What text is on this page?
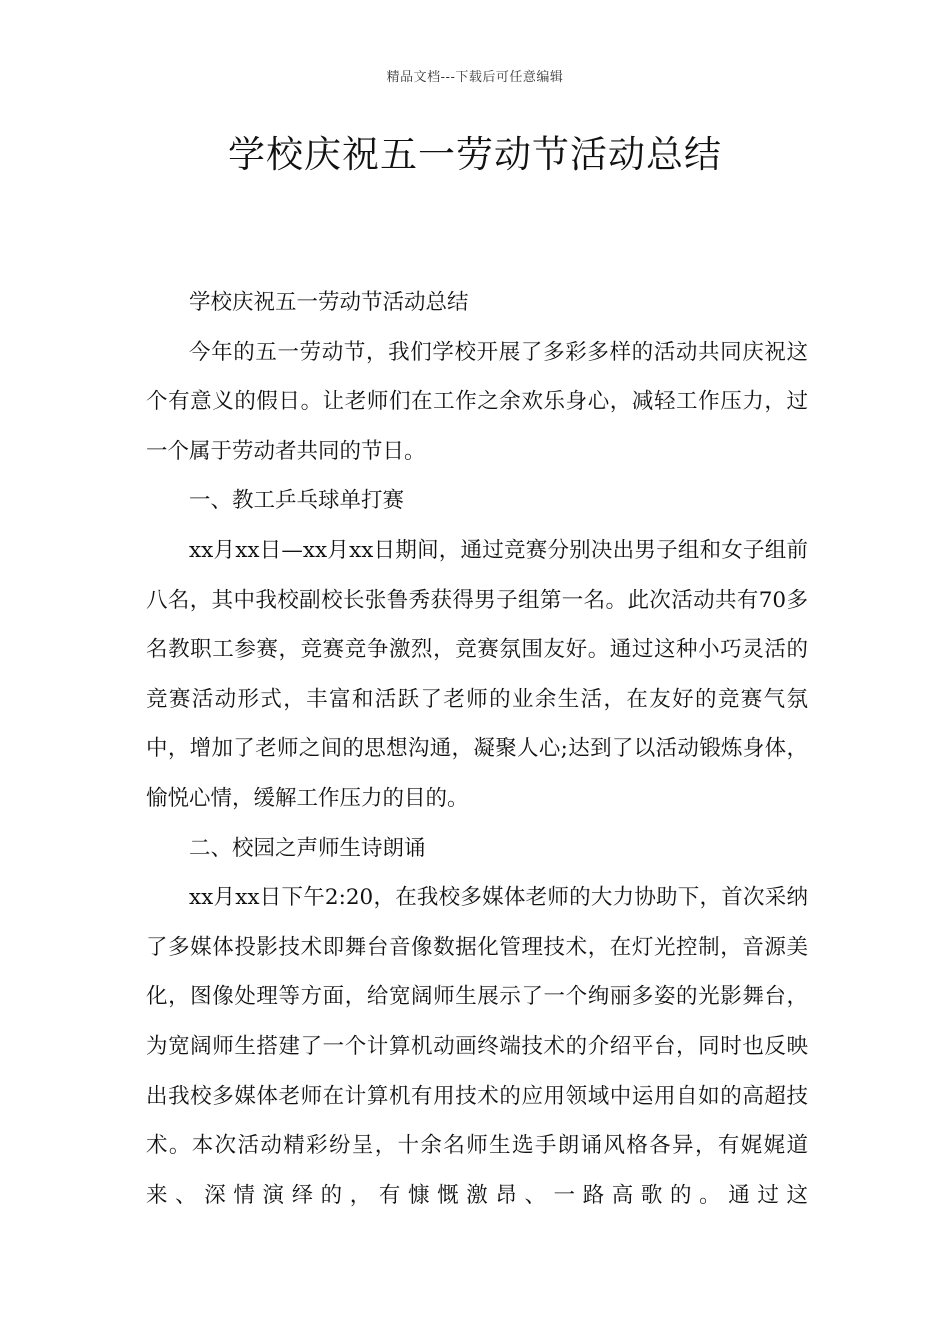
精品文档---下载后可任意编辑
学校庆祝五一劳动节活动总结

学校庆祝五一劳动节活动总结

今年的五一劳动节，我们学校开展了多彩多样的活动共同庆祝这个有意义的假日。让老师们在工作之余欢乐身心，减轻工作压力，过一个属于劳动者共同的节日。

一、教工乒乓球单打赛

xx月xx日—xx月xx日期间，通过竞赛分别决出男子组和女子组前八名，其中我校副校长张鲁秀获得男子组第一名。此次活动共有70多名教职工参赛，竞赛竞争激烈，竞赛氛围友好。通过这种小巧灵活的竞赛活动形式，丰富和活跃了老师的业余生活，在友好的竞赛气氛中，增加了老师之间的思想沟通，凝聚人心;达到了以活动锻炼身体，愉悦心情，缓解工作压力的目的。

二、校园之声师生诗朗诵

xx月xx日下午2:20，在我校多媒体老师的大力协助下，首次采纳了多媒体投影技术即舞台音像数据化管理技术，在灯光控制，音源美化，图像处理等方面，给宽阔师生展示了一个绚丽多姿的光影舞台，为宽阔师生搭建了一个计算机动画终端技术的介绍平台，同时也反映出我校多媒体老师在计算机有用技术的应用领域中运用自如的高超技术。本次活动精彩纷呈，十余名师生选手朗诵风格各异，有娓娓道来、深情演绎的，有慷慨激昂、一路高歌的。通过这
